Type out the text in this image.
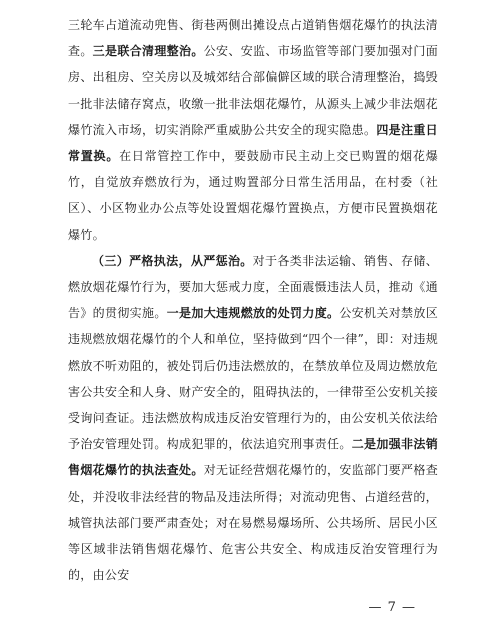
三轮车占道流动兜售、街巷两侧出摊设点占道销售烟花爆竹的执法清查。三是联合清理整治。公安、安监、市场监管等部门要加强对门面房、出租房、空关房以及城郊结合部偏僻区域的联合清理整治，捣毁一批非法储存窝点，收缴一批非法烟花爆竹，从源头上减少非法烟花爆竹流入市场，切实消除严重威胁公共安全的现实隐患。四是注重日常置换。在日常管控工作中，要鼓励市民主动上交已购置的烟花爆竹，自觉放弃燃放行为，通过购置部分日常生活用品，在村委（社区）、小区物业办公点等处设置烟花爆竹置换点，方便市民置换烟花爆竹。

（三）严格执法，从严惩治。对于各类非法运输、销售、存储、燃放烟花爆竹行为，要加大惩戒力度，全面震慑违法人员，推动《通告》的贯彻实施。一是加大违规燃放的处罚力度。公安机关对禁放区违规燃放烟花爆竹的个人和单位，坚持做到“四个一律”，即：对违规燃放不听劝阻的，被处罚后仍违法燃放的，在禁放单位及周边燃放危害公共安全和人身、财产安全的，阻碍执法的，一律带至公安机关接受询问查证。违法燃放构成违反治安管理行为的，由公安机关依法给予治安管理处罚。构成犯罪的，依法追究刑事责任。二是加强非法销售烟花爆竹的执法查处。对无证经营烟花爆竹的，安监部门要严格查处，并没收非法经营的物品及违法所得；对流动兜售、占道经营的，城管执法部门要严肃查处；对在易燃易爆场所、公共场所、居民小区等区域非法销售烟花爆竹、危害公共安全、构成违反治安管理行为的，由公安

— 7 —
